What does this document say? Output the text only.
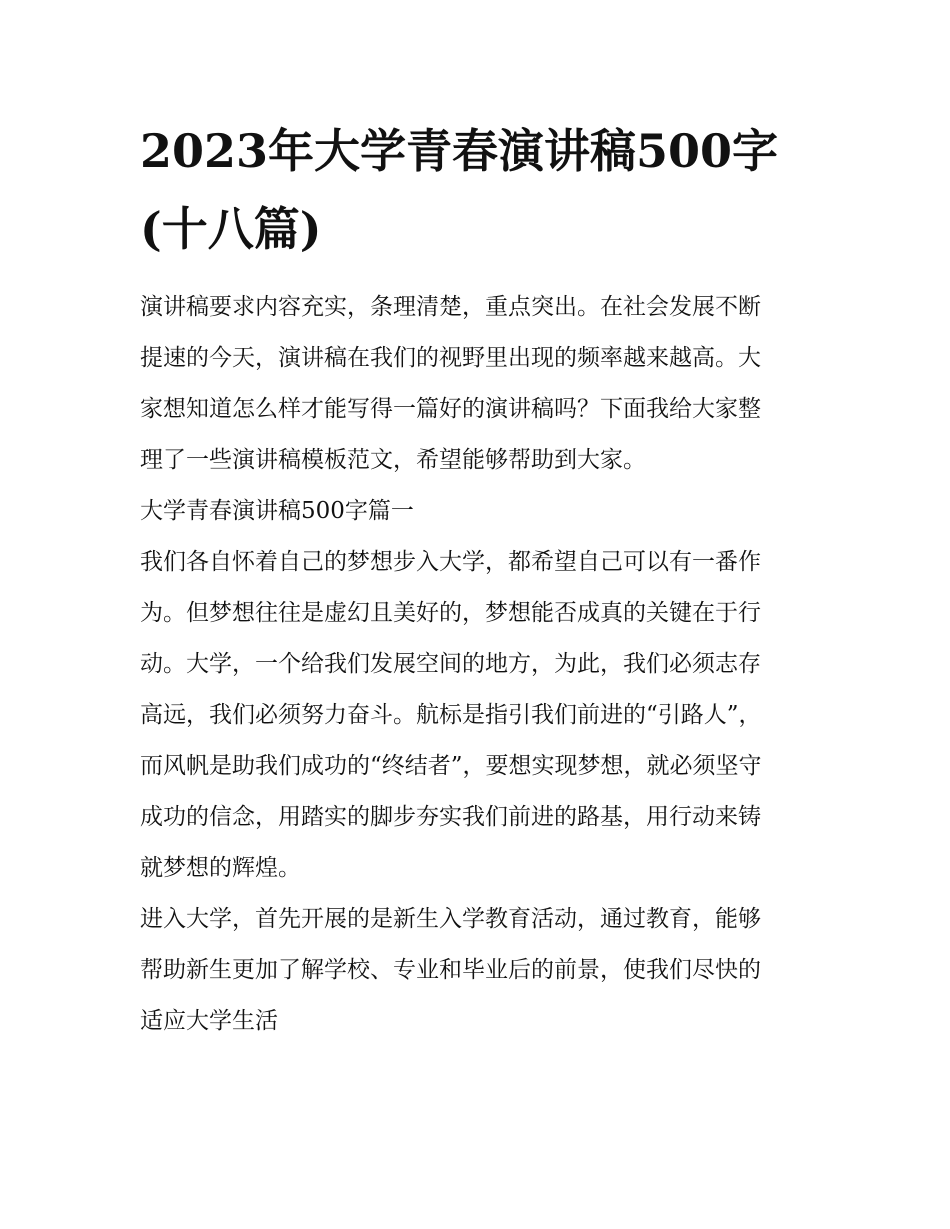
2023年大学青春演讲稿500字
(十八篇)

演讲稿要求内容充实，条理清楚，重点突出。在社会发展不断
提速的今天，演讲稿在我们的视野里出现的频率越来越高。大
家想知道怎么样才能写得一篇好的演讲稿吗？下面我给大家整
理了一些演讲稿模板范文，希望能够帮助到大家。

大学青春演讲稿500字篇一

我们各自怀着自己的梦想步入大学，都希望自己可以有一番作
为。但梦想往往是虚幻且美好的，梦想能否成真的关键在于行
动。大学，一个给我们发展空间的地方，为此，我们必须志存
高远，我们必须努力奋斗。航标是指引我们前进的“引路人”，
而风帆是助我们成功的“终结者”，要想实现梦想，就必须坚守
成功的信念，用踏实的脚步夯实我们前进的路基，用行动来铸
就梦想的辉煌。

进入大学，首先开展的是新生入学教育活动，通过教育，能够
帮助新生更加了解学校、专业和毕业后的前景，使我们尽快的
适应大学生活
